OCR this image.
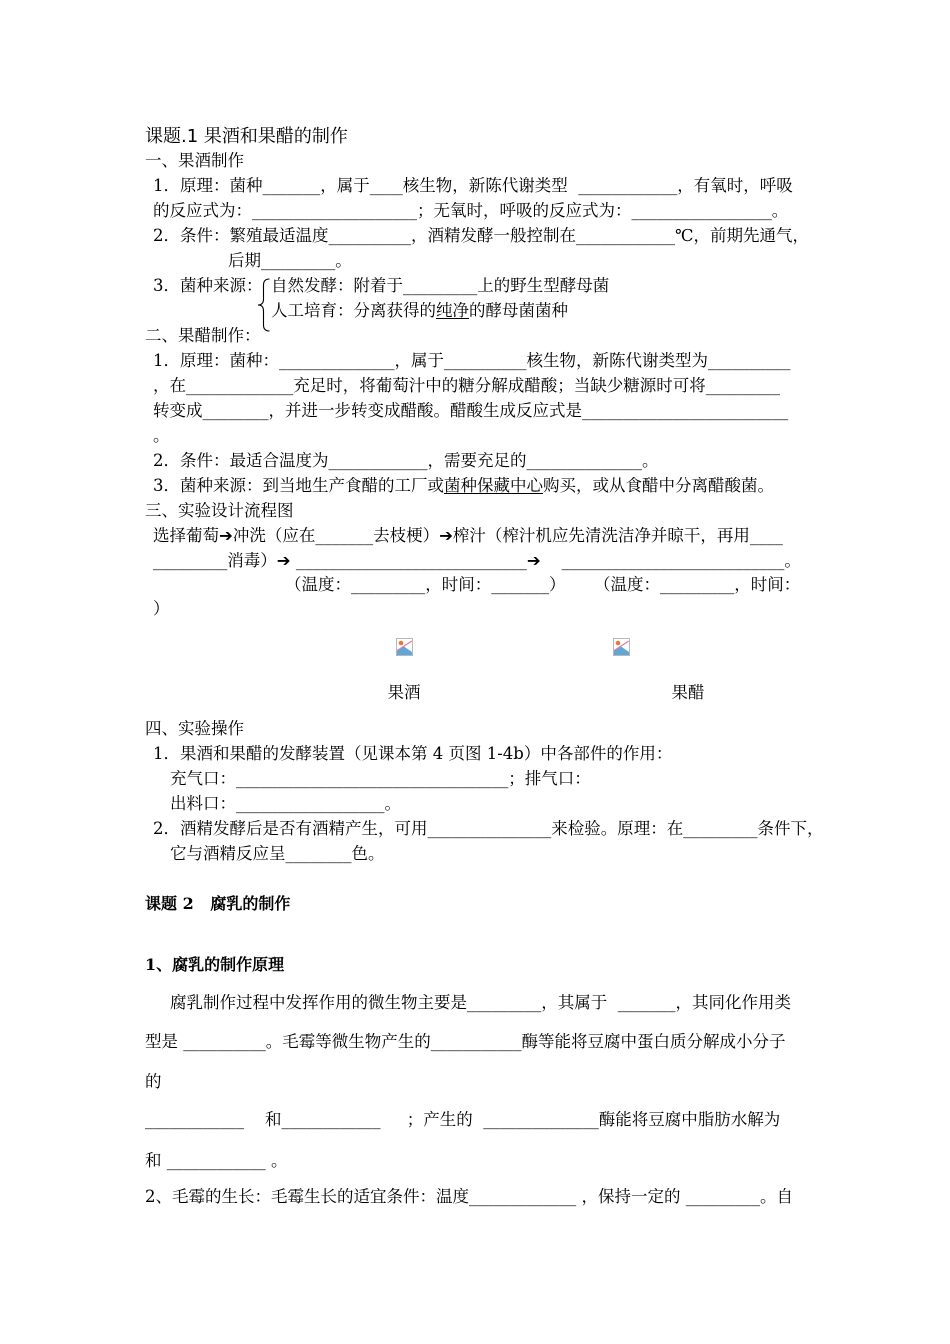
课题.1 果酒和果醋的制作
一、果酒制作
1．原理：菌种_______，属于____核生物，新陈代谢类型  ____________，有氧时，呼吸
的反应式为：____________________；无氧时，呼吸的反应式为：_________________。
2．条件：繁殖最适温度__________，酒精发酵一般控制在____________℃，前期先通气，
后期_________。
3．菌种来源： 自然发酵：附着于_________上的野生型酵母菌
人工培育：分离获得的纯净的酵母菌菌种
二、果醋制作：
1．原理：菌种：______________，属于__________核生物，新陈代谢类型为__________
，在_____________充足时，将葡萄汁中的糖分解成醋酸；当缺少糖源时可将_________
转变成________，并进一步转变成醋酸。醋酸生成反应式是_________________________
。
2．条件：最适合温度为____________，需要充足的______________。
3．菌种来源：到当地生产食醋的工厂或菌种保藏中心购买，或从食醋中分离醋酸菌。
三、实验设计流程图
选择葡萄➔冲洗（应在_______去枝梗）➔榨汁（榨汁机应先清洗洁净并晾干，再用____
_________消毒）➔ ____________________________➔    ___________________________。
（温度：_________，时间：_______） （温度：_________，时间：
）
果酒	果醋
四、实验操作
1．果酒和果醋的发酵装置（见课本第 4 页图 1-4b）中各部件的作用：
充气口：_________________________________；排气口：
出料口：__________________。
2．酒精发酵后是否有酒精产生，可用_______________来检验。原理：在_________条件下，
它与酒精反应呈________色。
课题 2   腐乳的制作
1、腐乳的制作原理
腐乳制作过程中发挥作用的微生物主要是_________，其属于  _______，其同化作用类
型是 __________。毛霉等微生物产生的___________酶等能将豆腐中蛋白质分解成小分子
的
____________    和____________     ；产生的  ______________酶能将豆腐中脂肪水解为
和 ____________ 。
2、毛霉的生长：毛霉生长的适宜条件：温度_____________ ，保持一定的 _________。自
